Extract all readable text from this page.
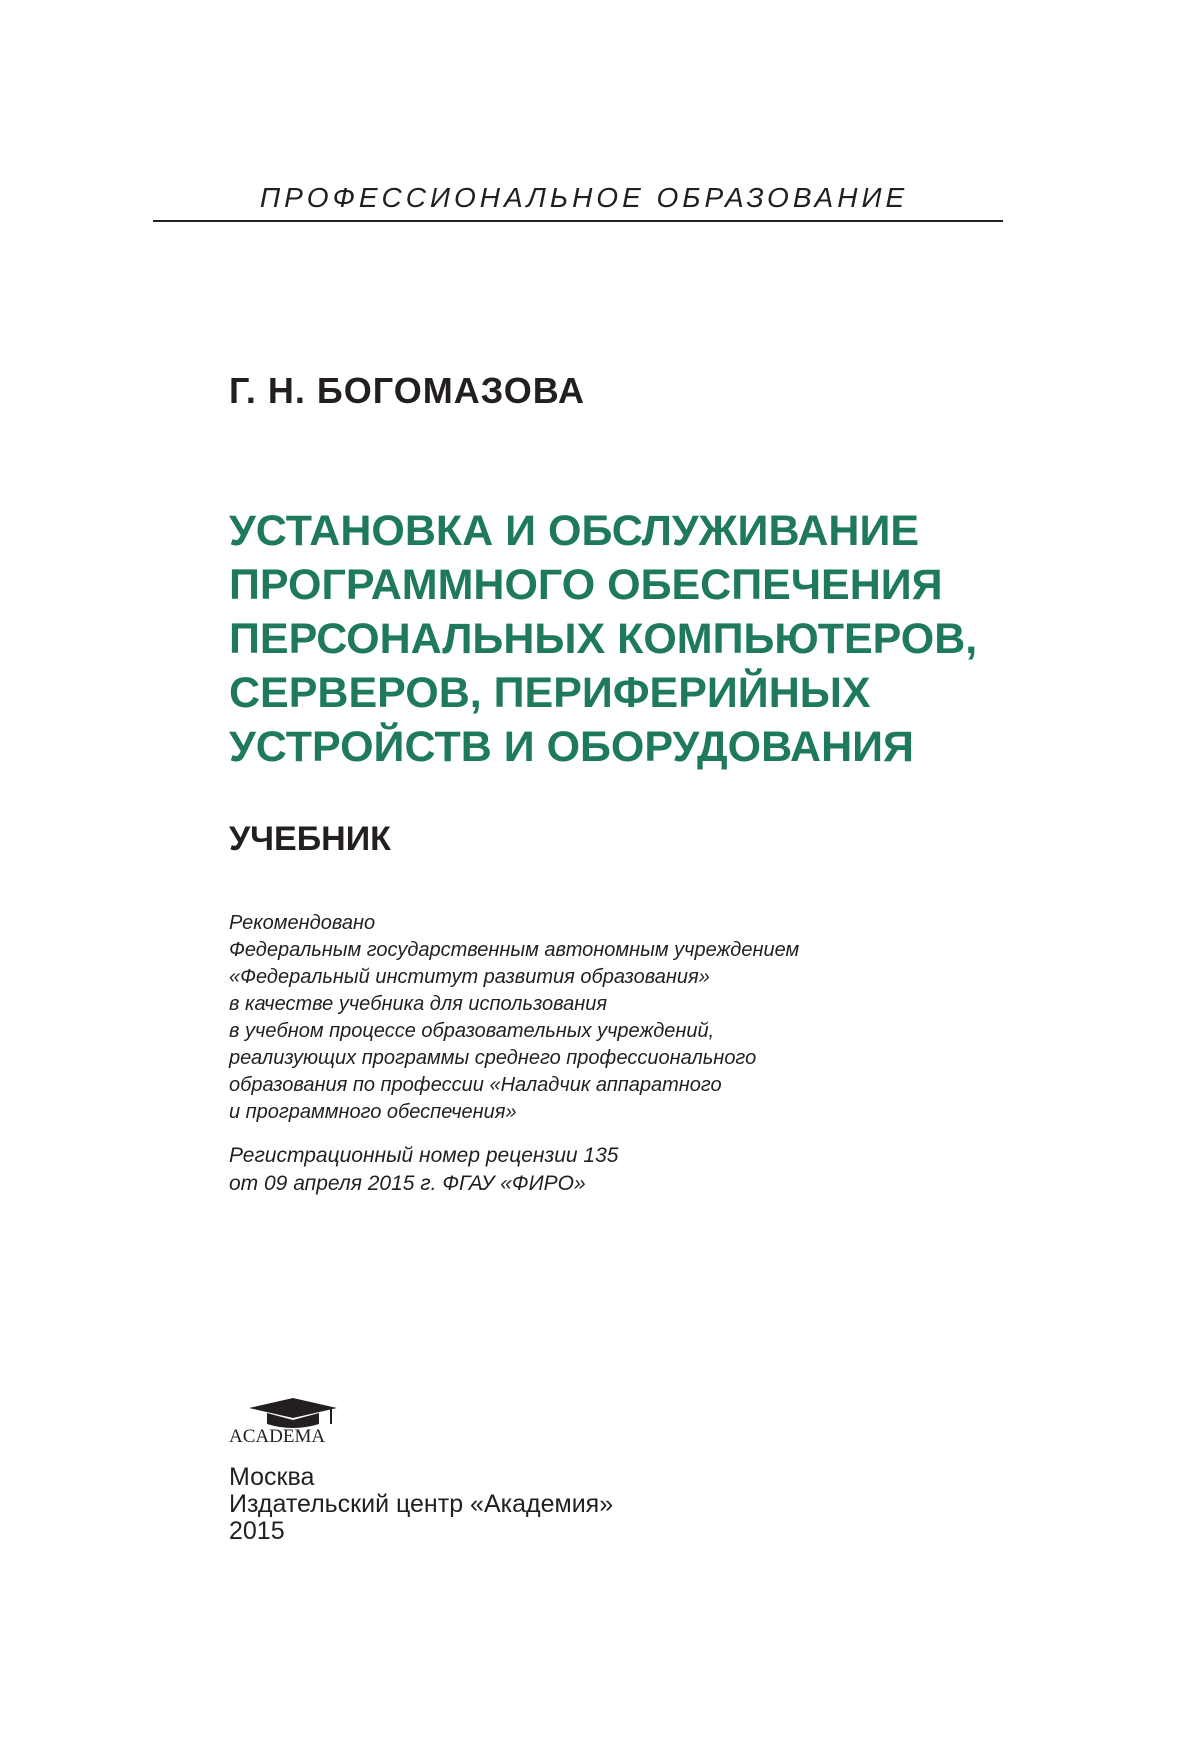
ПРОФЕССИОНАЛЬНОЕ ОБРАЗОВАНИЕ
Г. Н. БОГОМАЗОВА
УСТАНОВКА И ОБСЛУЖИВАНИЕ
ПРОГРАММНОГО ОБЕСПЕЧЕНИЯ
ПЕРСОНАЛЬНЫХ КОМПЬЮТЕРОВ,
СЕРВЕРОВ, ПЕРИФЕРИЙНЫХ
УСТРОЙСТВ И ОБОРУДОВАНИЯ
УЧЕБНИК
Рекомендовано
Федеральным государственным автономным учреждением
«Федеральный институт развития образования»
в качестве учебника для использования
в учебном процессе образовательных учреждений,
реализующих программы среднего профессионального
образования по профессии «Наладчик аппаратного
и программного обеспечения»
Регистрационный номер рецензии 135
от 09 апреля 2015 г. ФГАУ «ФИРО»
ACADEMA
Москва
Издательский центр «Академия»
2015
